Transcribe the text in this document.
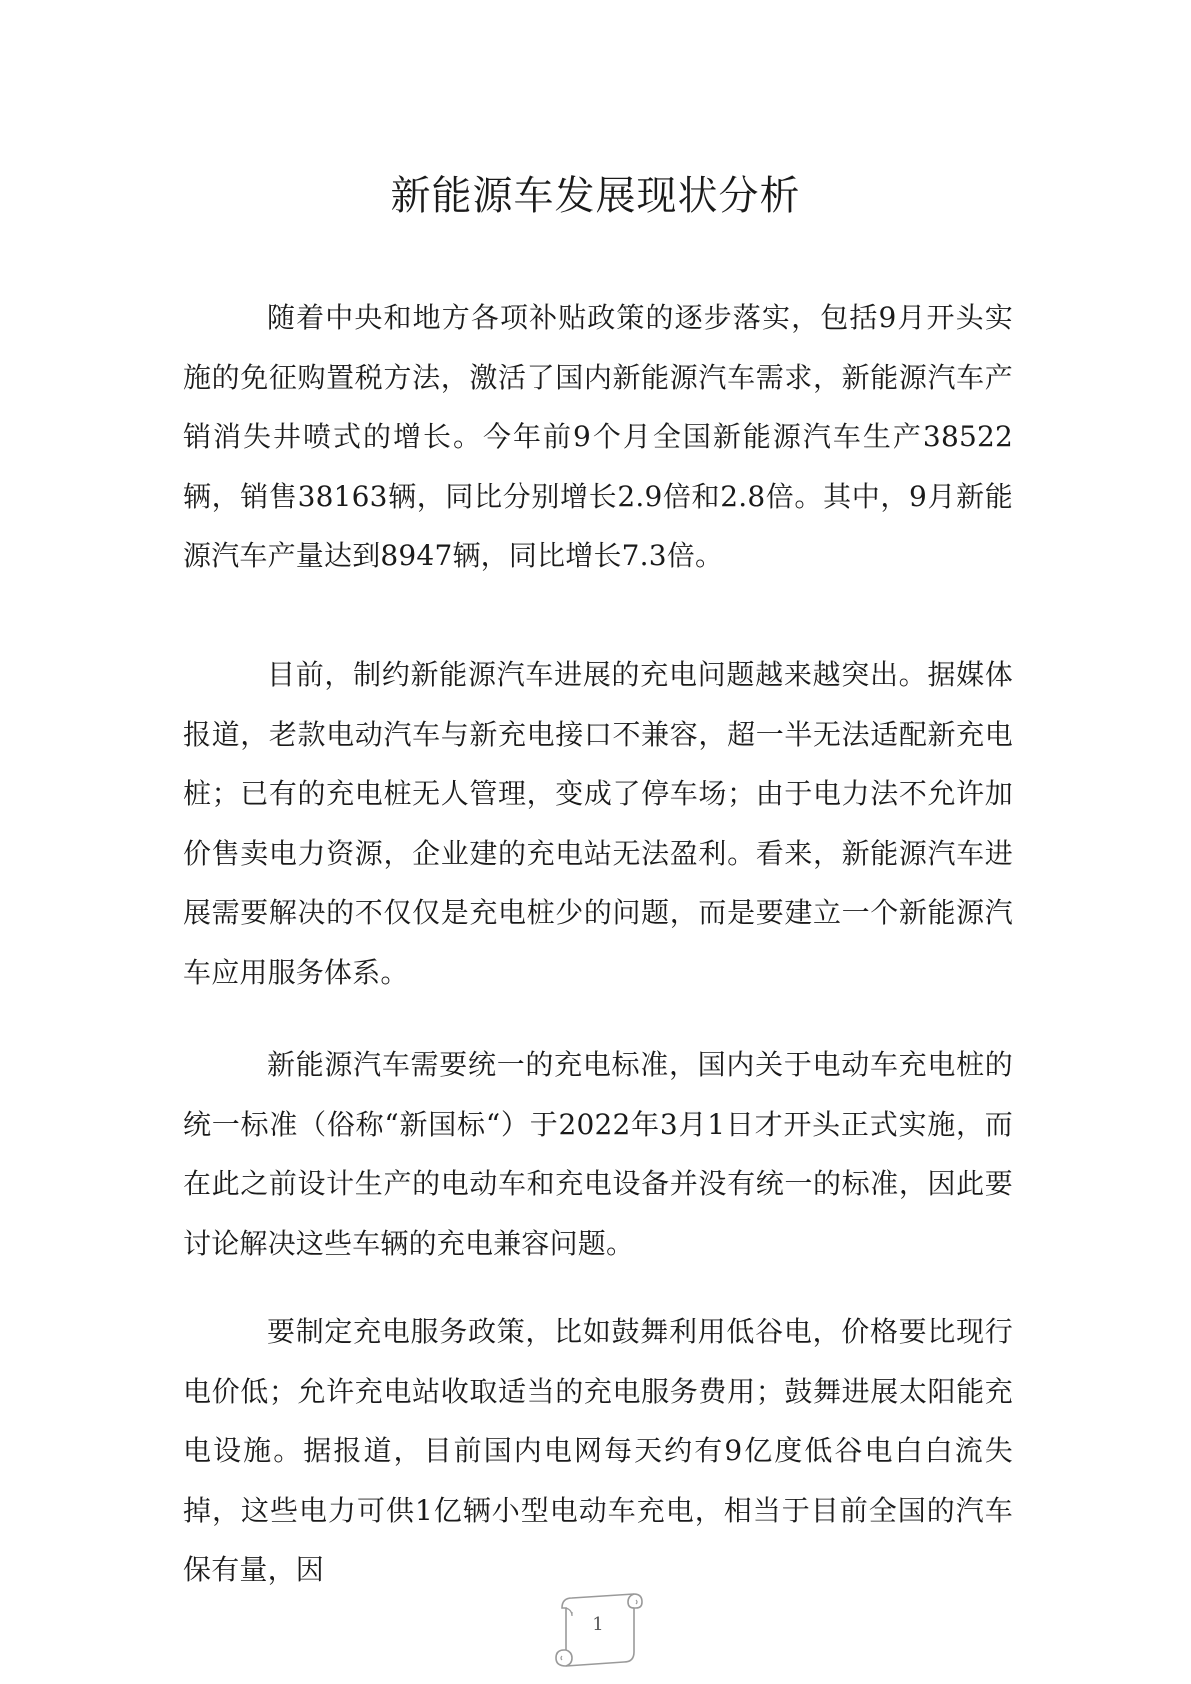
新能源车发展现状分析

随着中央和地方各项补贴政策的逐步落实，包括9月开头实施的免征购置税方法，激活了国内新能源汽车需求，新能源汽车产销消失井喷式的增长。今年前9个月全国新能源汽车生产38522辆，销售38163辆，同比分别增长2.9倍和2.8倍。其中，9月新能源汽车产量达到8947辆，同比增长7.3倍。

目前，制约新能源汽车进展的充电问题越来越突出。据媒体报道，老款电动汽车与新充电接口不兼容，超一半无法适配新充电桩；已有的充电桩无人管理，变成了停车场；由于电力法不允许加价售卖电力资源，企业建的充电站无法盈利。看来，新能源汽车进展需要解决的不仅仅是充电桩少的问题，而是要建立一个新能源汽车应用服务体系。

新能源汽车需要统一的充电标准，国内关于电动车充电桩的统一标准（俗称“新国标“）于2022年3月1日才开头正式实施，而在此之前设计生产的电动车和充电设备并没有统一的标准，因此要讨论解决这些车辆的充电兼容问题。

要制定充电服务政策，比如鼓舞利用低谷电，价格要比现行电价低；允许充电站收取适当的充电服务费用；鼓舞进展太阳能充电设施。据报道，目前国内电网每天约有9亿度低谷电白白流失掉，这些电力可供1亿辆小型电动车充电，相当于目前全国的汽车保有量，因

1
